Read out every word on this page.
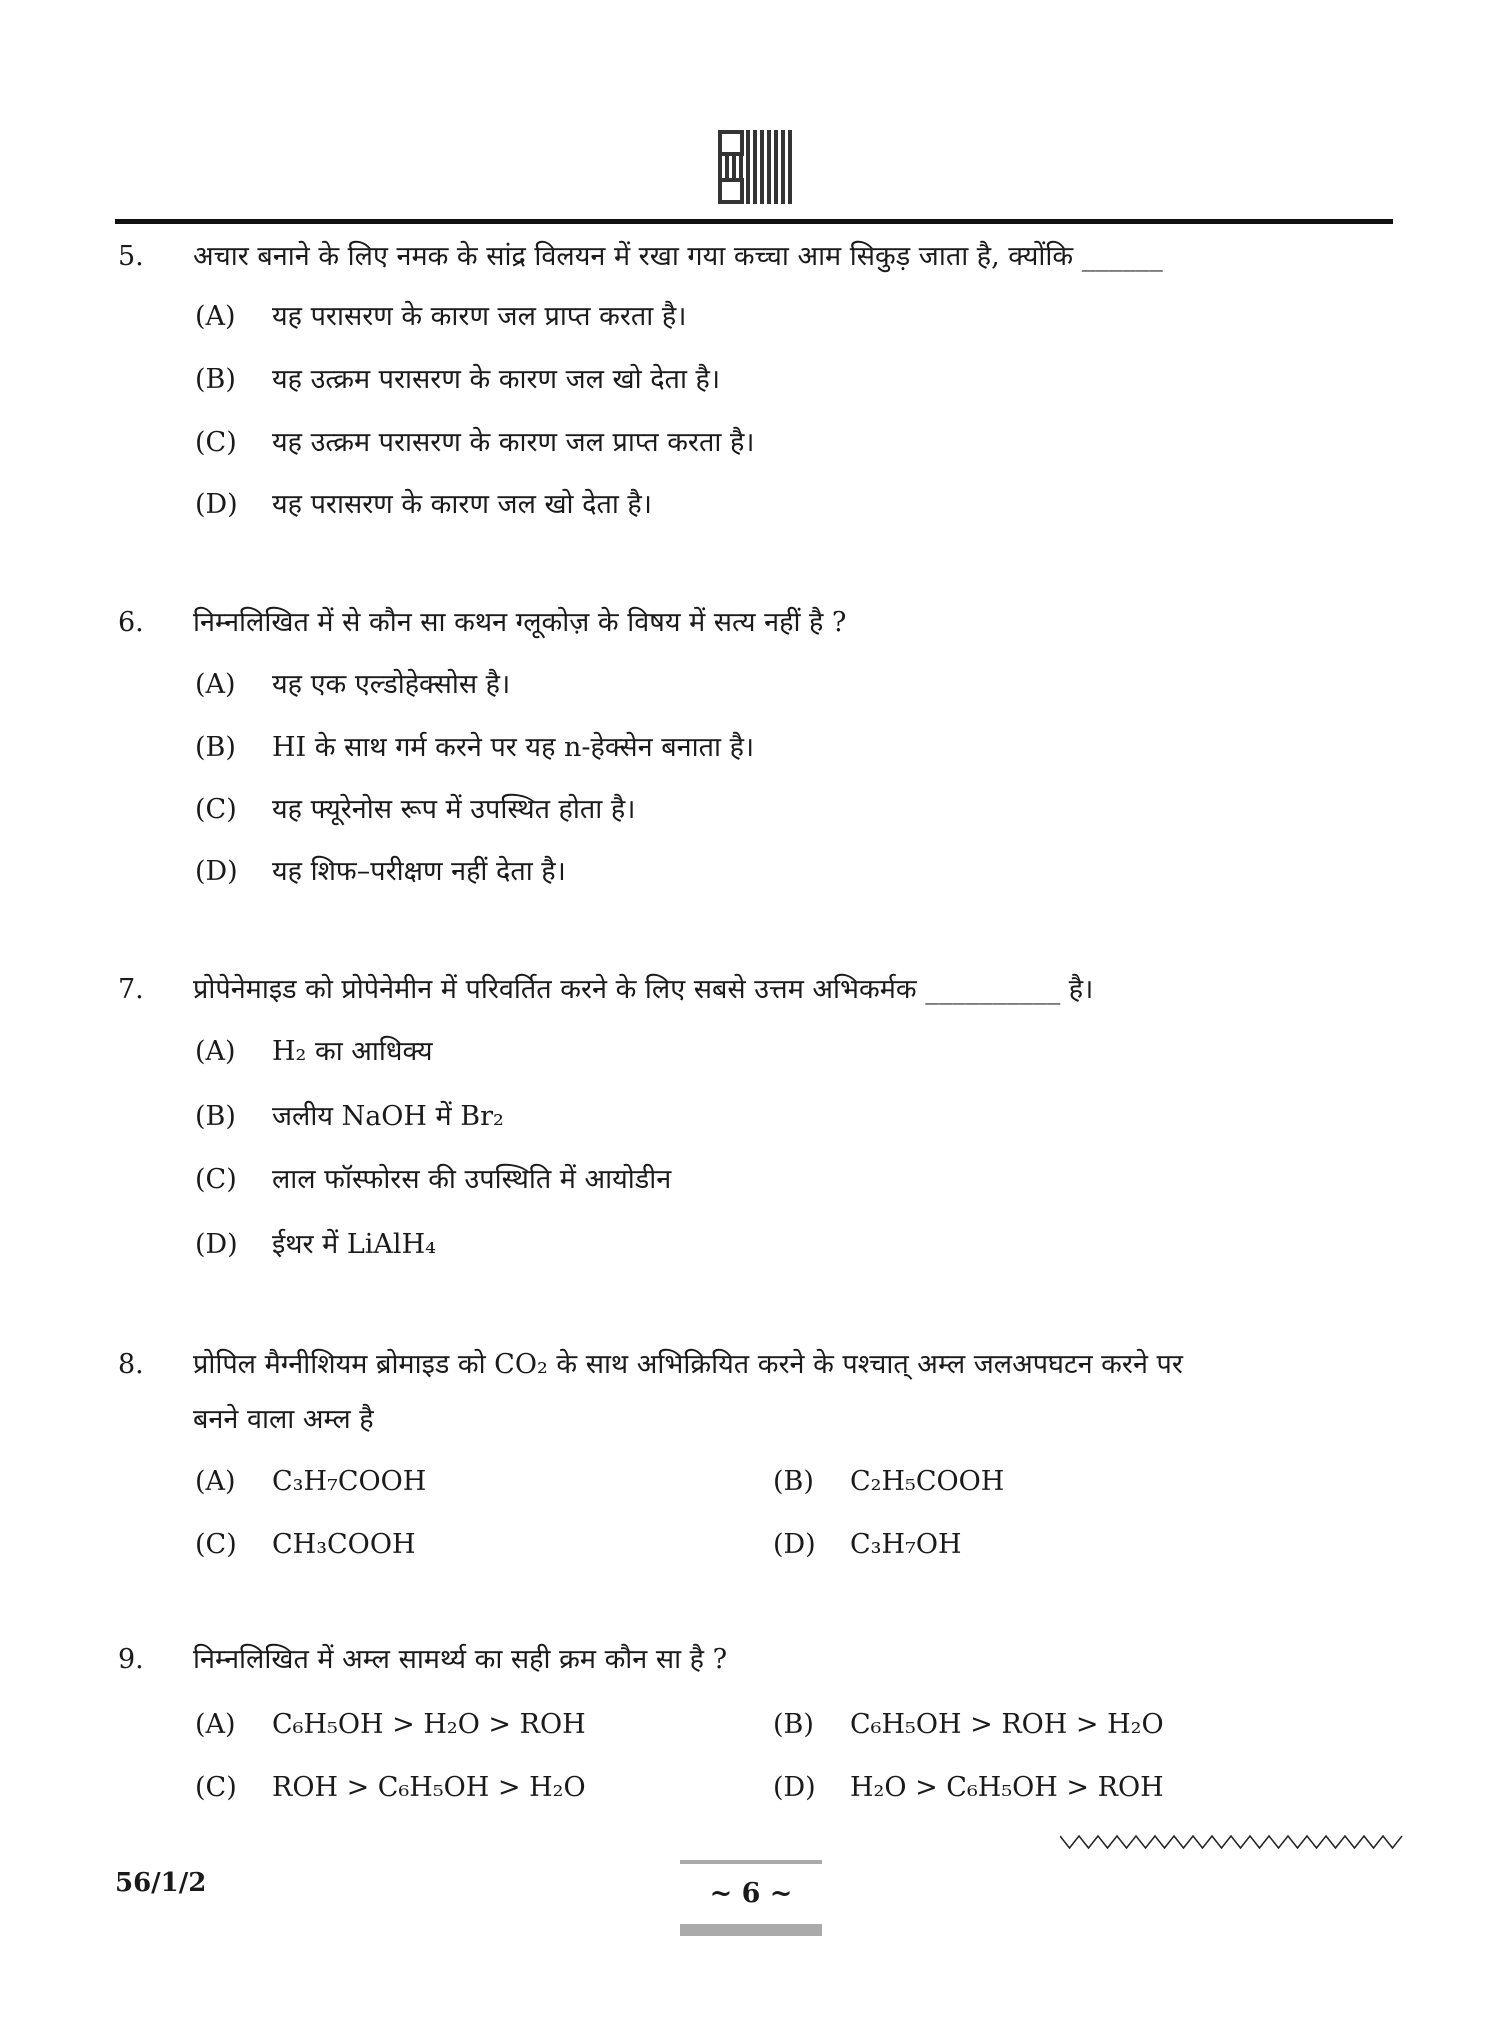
5. अचार बनाने के लिए नमक के सांद्र विलयन में रखा गया कच्चा आम सिकुड़ जाता है, क्योंकि ______
(A) यह परासरण के कारण जल प्राप्त करता है।
(B) यह उत्क्रम परासरण के कारण जल खो देता है।
(C) यह उत्क्रम परासरण के कारण जल प्राप्त करता है।
(D) यह परासरण के कारण जल खो देता है।
6. निम्नलिखित में से कौन सा कथन ग्लूकोज़ के विषय में सत्य नहीं है ?
(A) यह एक एल्डोहेक्सोस है।
(B) HI के साथ गर्म करने पर यह n-हेक्सेन बनाता है।
(C) यह फ्यूरेनोस रूप में उपस्थित होता है।
(D) यह शिफ–परीक्षण नहीं देता है।
7. प्रोपेनेमाइड को प्रोपेनेमीन में परिवर्तित करने के लिए सबसे उत्तम अभिकर्मक __________ है।
(A) H₂ का आधिक्य
(B) जलीय NaOH में Br₂
(C) लाल फॉस्फोरस की उपस्थिति में आयोडीन
(D) ईथर में LiAlH₄
8. प्रोपिल मैग्नीशियम ब्रोमाइड को CO₂ के साथ अभिक्रियित करने के पश्चात् अम्ल जलअपघटन करने पर
बनने वाला अम्ल है
(A) C₃H₇COOH	(B) C₂H₅COOH
(C) CH₃COOH	(D) C₃H₇OH
9. निम्नलिखित में अम्ल सामर्थ्य का सही क्रम कौन सा है ?
(A) C₆H₅OH > H₂O > ROH	(B) C₆H₅OH > ROH > H₂O
(C) ROH > C₆H₅OH > H₂O	(D) H₂O > C₆H₅OH > ROH
56/1/2	~ 6 ~
